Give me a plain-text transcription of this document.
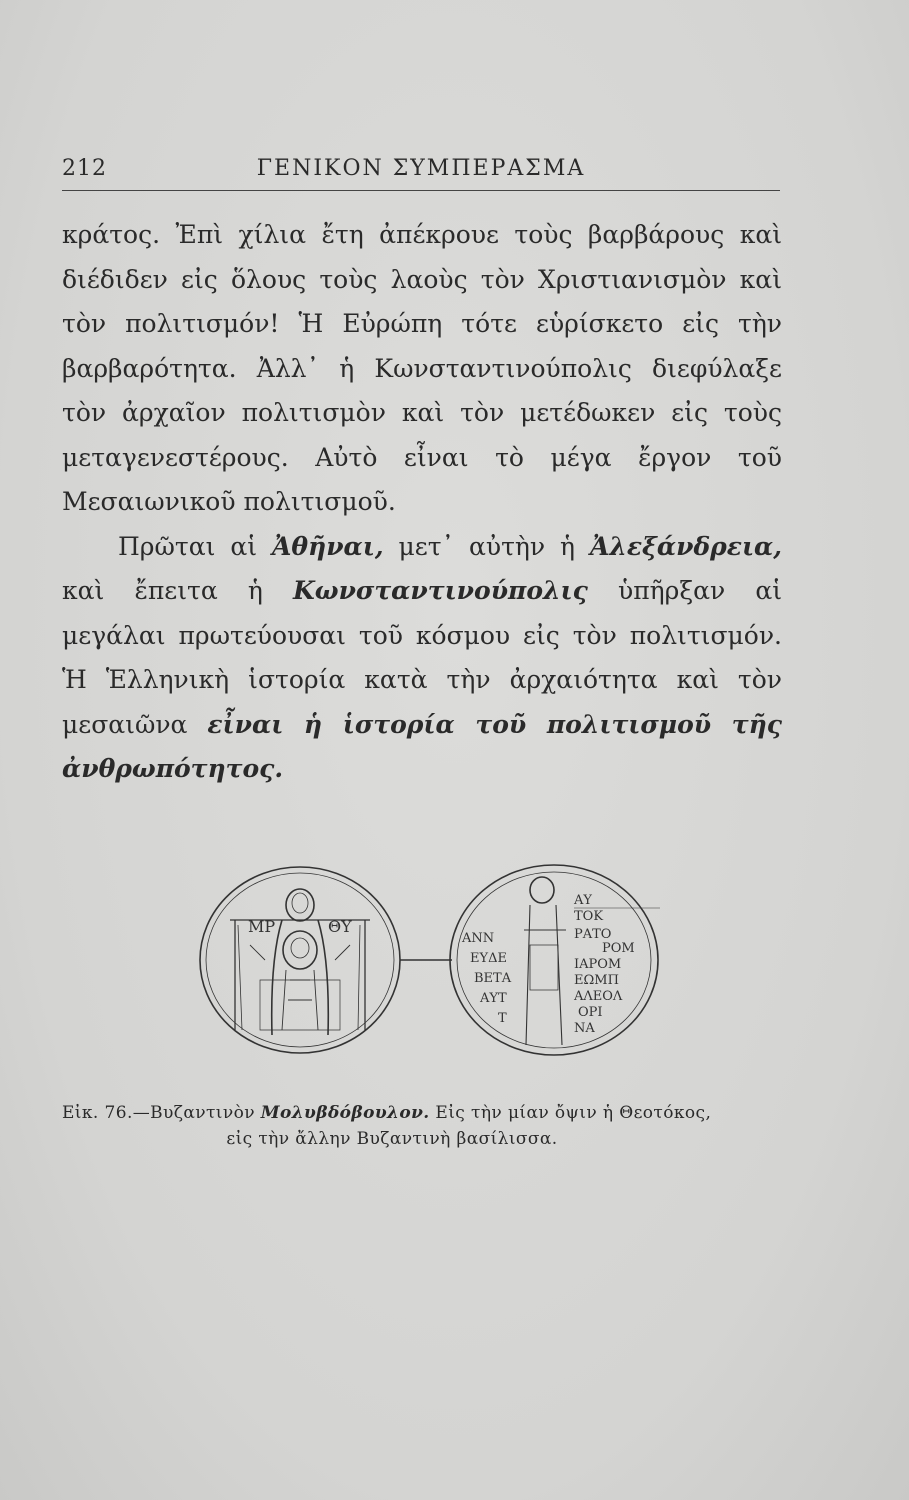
212	ΓΕΝΙΚΟΝ ΣΥΜΠΕΡΑΣΜΑ

κράτος. Ἐπὶ χίλια ἔτη ἀπέκρουε τοὺς βαρβάρους καὶ διέδιδεν εἰς ὅλους τοὺς λαοὺς τὸν Χριστιανισμὸν καὶ τὸν πολιτισμόν! Ἡ Εὐρώπη τότε εὑρίσκετο εἰς τὴν βαρβαρότητα. Ἀλλ᾽ ἡ Κωνσταντινούπολις διεφύλαξε τὸν ἀρχαῖον πολιτισμὸν καὶ τὸν μετέδωκεν εἰς τοὺς μεταγενεστέρους. Αὐτὸ εἶναι τὸ μέγα ἔργον τοῦ Μεσαιωνικοῦ πολιτισμοῦ.

Πρῶται αἱ Ἀθῆναι, μετ᾽ αὐτὴν ἡ Ἀλεξάνδρεια, καὶ ἔπειτα ἡ Κωνσταντινούπολις ὑπῆρξαν αἱ μεγάλαι πρωτεύουσαι τοῦ κόσμου εἰς τὸν πολιτισμόν. Ἡ Ἑλληνικὴ ἱστορία κατὰ τὴν ἀρχαιότητα καὶ τὸν μεσαιῶνα εἶναι ἡ ἱστορία τοῦ πολιτισμοῦ τῆς ἀνθρωπότητος.

ΜΡ	ΘΥ
ΑΝΝ
ΕΥΔΕ
ΒΕΤΑ
ΑΥΤ
Τ
ΑΥ
ΤΟΚ
ΡΑΤΟ
ΡΟΜ
ΙΑΡΟΜ
ΕΩΜΠ
ΑΛΕΟΛ
ΟΡΙ
ΝΑ
Εἰκ. 76.—Βυζαντινὸν Μολυβδόβουλον. Εἰς τὴν μίαν ὄψιν ἡ Θεοτόκος,
εἰς τὴν ἄλλην Βυζαντινὴ βασίλισσα.
